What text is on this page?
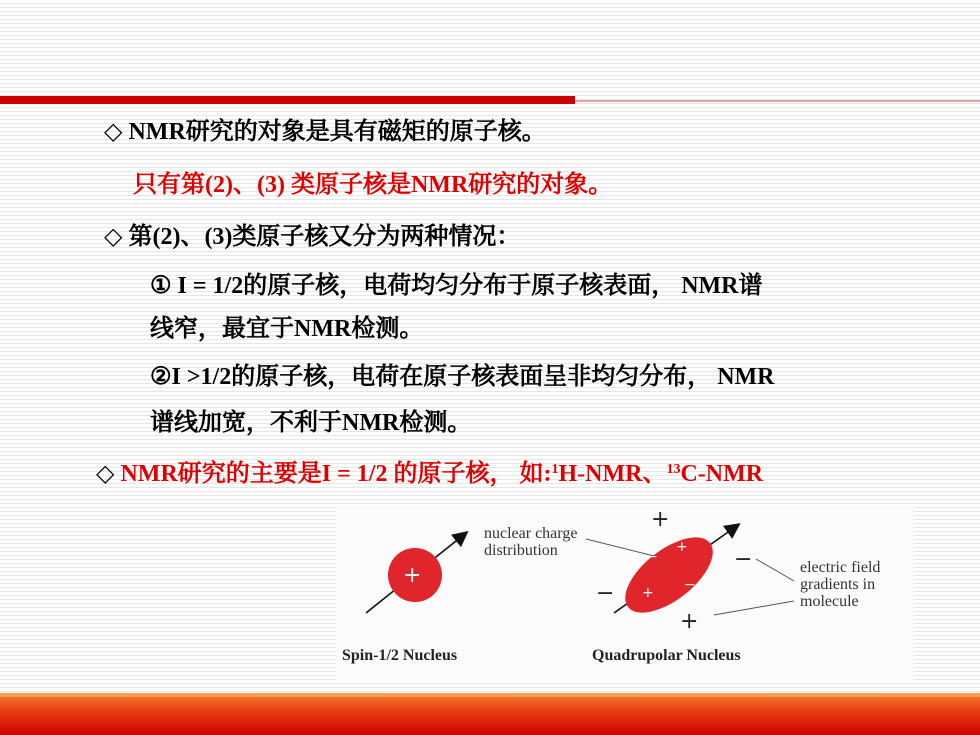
◇ NMR研究的对象是具有磁矩的原子核。
只有第(2)、(3) 类原子核是NMR研究的对象。
◇ 第(2)、(3)类原子核又分为两种情况：
① I = 1/2的原子核，电荷均匀分布于原子核表面， NMR谱
线窄，最宜于NMR检测。
②I >1/2的原子核，电荷在原子核表面呈非均匀分布， NMR
谱线加宽，不利于NMR检测。
◇ NMR研究的主要是I = 1/2 的原子核， 如:$^1$H-NMR、$^{13}$C-NMR
+
+
+
−
−
−
+
−
+
nuclear charge
distribution
electric field
gradients in
molecule
Spin-1/2 Nucleus	Quadrupolar Nucleus
